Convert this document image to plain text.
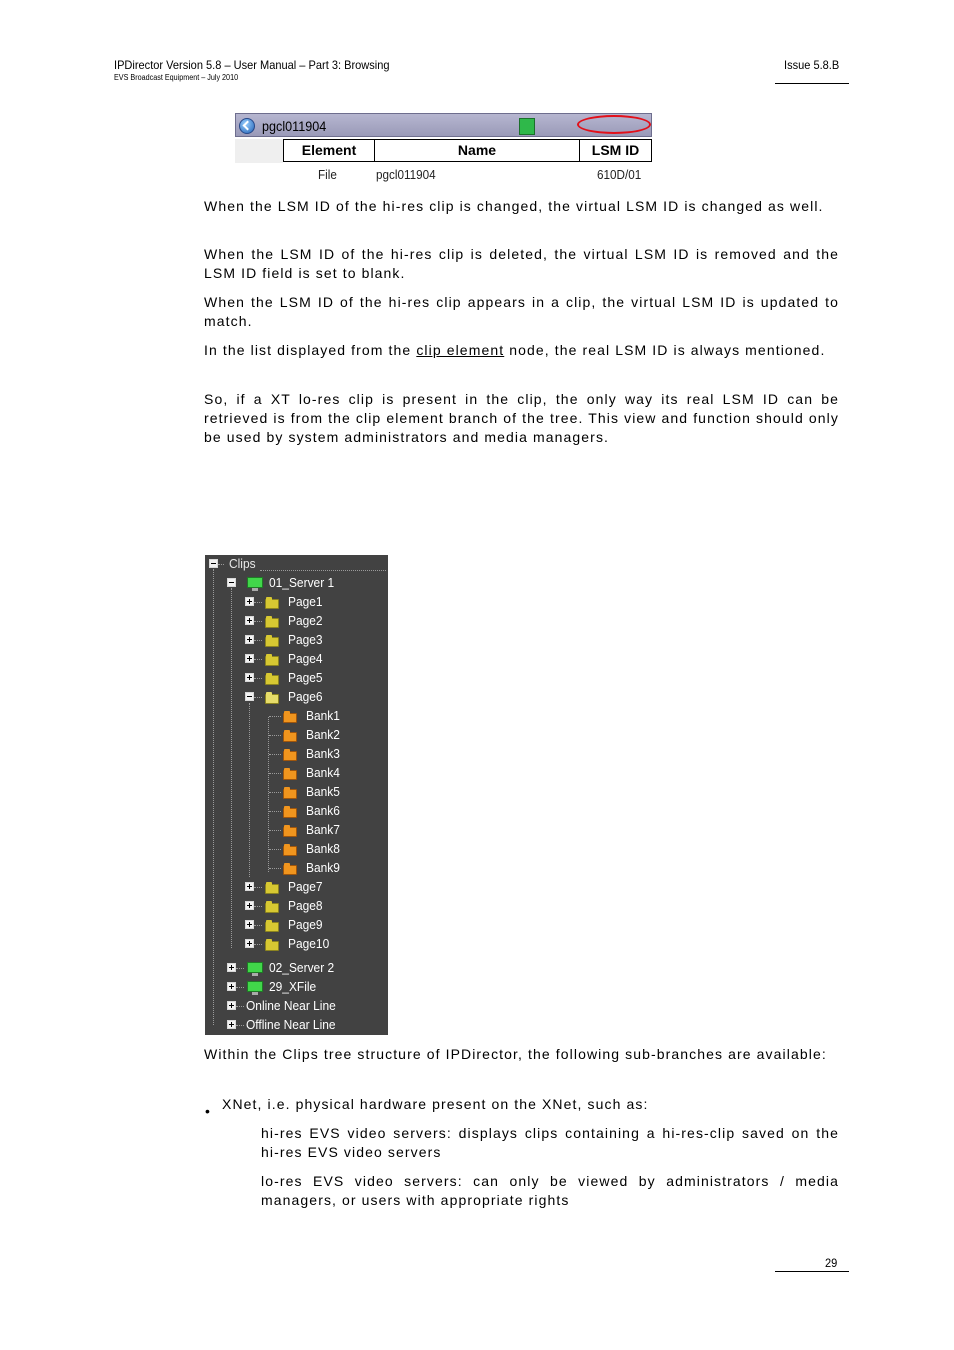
IPDirector Version 5.8 – User Manual – Part 3: Browsing
EVS Broadcast Equipment – July 2010
Issue 5.8.B
pgcl011904
Element	Name	LSM ID
File	pgcl011904	610D/01

When the LSM ID of the hi-res clip is changed, the virtual LSM ID is changed as well.

When the LSM ID of the hi-res clip is deleted, the virtual LSM ID is removed and the LSM ID field is set to blank.

When the LSM ID of the hi-res clip appears in a clip, the virtual LSM ID is updated to match.

In the list displayed from the clip element node, the real LSM ID is always mentioned.

So, if a XT lo-res clip is present in the clip, the only way its real LSM ID can be retrieved is from the clip element branch of the tree. This view and function should only be used by system administrators and media managers.

Clips
01_Server 1
Page1
Page2
Page3
Page4
Page5
Page6
Bank1
Bank2
Bank3
Bank4
Bank5
Bank6
Bank7
Bank8
Bank9
Page7
Page8
Page9
Page10
02_Server 2
29_XFile
Online Near Line
Offline Near Line

Within the Clips tree structure of IPDirector, the following sub-branches are available:

• XNet, i.e. physical hardware present on the XNet, such as:

hi-res EVS video servers: displays clips containing a hi-res-clip saved on the hi-res EVS video servers

lo-res EVS video servers: can only be viewed by administrators / media managers, or users with appropriate rights

29
